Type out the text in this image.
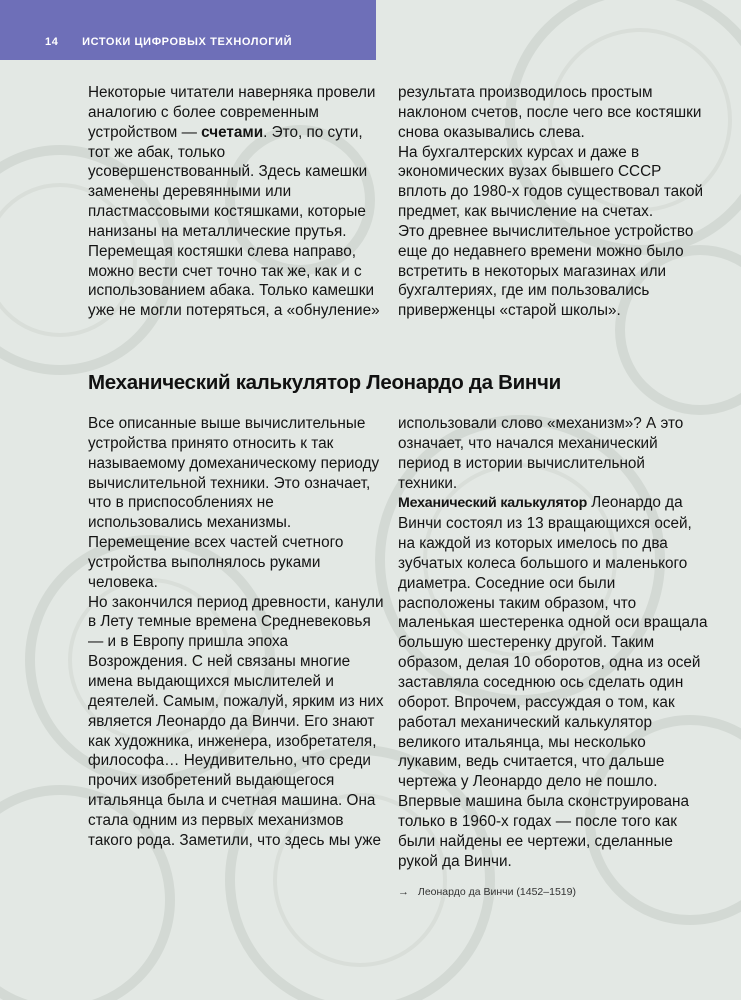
14 ИСТОКИ ЦИФРОВЫХ ТЕХНОЛОГИЙ

Некоторые читатели наверняка провели аналогию с более современным устройством — счетами. Это, по сути, тот же абак, только усовершенствованный. Здесь камешки заменены деревянными или пластмассовыми костяшками, которые нанизаны на металлические прутья. Перемещая костяшки слева направо, можно вести счет точно так же, как и с использованием абака. Только камешки уже не могли потеряться, а «обнуление»

результата производилось простым наклоном счетов, после чего все костяшки снова оказывались слева.

На бухгалтерских курсах и даже в экономических вузах бывшего СССР вплоть до 1980-х годов существовал такой предмет, как вычисление на счетах.

Это древнее вычислительное устройство еще до недавнего времени можно было встретить в некоторых магазинах или бухгалтериях, где им пользовались приверженцы «старой школы».

Механический калькулятор Леонардо да Винчи

Все описанные выше вычислительные устройства принято относить к так называемому домеханическому периоду вычислительной техники. Это означает, что в приспособлениях не использовались механизмы. Перемещение всех частей счетного устройства выполнялось руками человека.

Но закончился период древности, канули в Лету темные времена Средневековья — и в Европу пришла эпоха Возрождения. С ней связаны многие имена выдающихся мыслителей и деятелей. Самым, пожалуй, ярким из них является Леонардо да Винчи. Его знают как художника, инженера, изобретателя, философа… Неудивительно, что среди прочих изобретений выдающегося итальянца была и счетная машина. Она стала одним из первых механизмов такого рода. Заметили, что здесь мы уже

использовали слово «механизм»? А это означает, что начался механический период в истории вычислительной техники.

Механический калькулятор Леонардо да Винчи состоял из 13 вращающихся осей, на каждой из которых имелось по два зубчатых колеса большого и маленького диаметра. Соседние оси были расположены таким образом, что маленькая шестеренка одной оси вращала большую шестеренку другой. Таким образом, делая 10 оборотов, одна из осей заставляла соседнюю ось сделать один оборот. Впрочем, рассуждая о том, как работал механический калькулятор великого итальянца, мы несколько лукавим, ведь считается, что дальше чертежа у Леонардо дело не пошло. Впервые машина была сконструирована только в 1960-х годах — после того как были найдены ее чертежи, сделанные рукой да Винчи.

→ Леонардо да Винчи (1452–1519)
